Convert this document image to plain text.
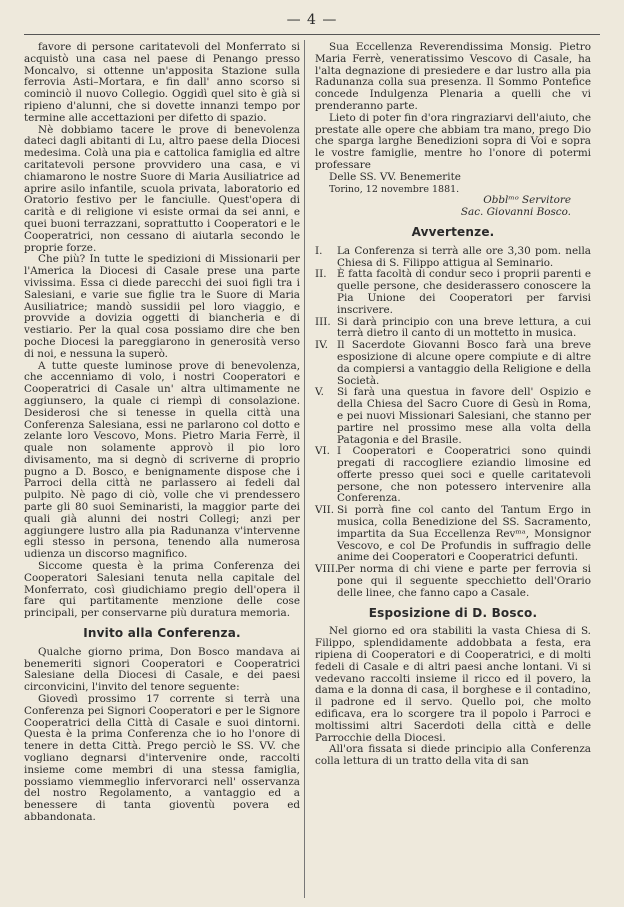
— 4 —

favore di persone caritatevoli del Monferrato si acquistò una casa nel paese di Penango presso Moncalvo, si ottenne un'apposita Stazione sulla ferrovia Asti–Mortara, e fin dall' anno scorso si cominciò il nuovo Collegio. Oggidì quel sito è già si ripieno d'alunni, che si dovette innanzi tempo por termine alle accettazioni per difetto di spazio.

Nè dobbiamo tacere le prove di benevolenza dateci dagli abitanti di Lu, altro paese della Diocesi medesima. Colà una pia e cattolica famiglia ed altre caritatevoli persone provvidero una casa, e vi chiamarono le nostre Suore di Maria Ausiliatrice ad aprire asilo infantile, scuola privata, laboratorio ed Oratorio festivo per le fanciulle. Quest'opera di carità e di religione vi esiste ormai da sei anni, e quei buoni terrazzani, soprattutto i Cooperatori e le Cooperatrici, non cessano di aiutarla secondo le proprie forze.

Che più? In tutte le spedizioni di Missionarii per l'America la Diocesi di Casale prese una parte vivissima. Essa ci diede parecchi dei suoi figli tra i Salesiani, e varie sue figlie tra le Suore di Maria Ausiliatrice; mandò sussidii pel loro viaggio, e provvide a dovizia oggetti di biancheria e di vestiario. Per la qual cosa possiamo dire che ben poche Diocesi la pareggiarono in generosità verso di noi, e nessuna la superò.

A tutte queste luminose prove di benevolenza, che accenniamo di volo, i nostri Cooperatori e Cooperatrici di Casale un' altra ultimamente ne aggiunsero, la quale ci riempì di consolazione. Desiderosi che si tenesse in quella città una Conferenza Salesiana, essi ne parlarono col dotto e zelante loro Vescovo, Mons. Pietro Maria Ferrè, il quale non solamente approvò il pio loro divisamento, ma si degnò di scriverne di proprio pugno a D. Bosco, e benignamente dispose che i Parroci della città ne parlassero ai fedeli dal pulpito. Nè pago di ciò, volle che vi prendessero parte gli 80 suoi Seminaristi, la maggior parte dei quali già alunni dei nostri Collegi; anzi per aggiungere lustro alla pia Radunanza v'intervenne egli stesso in persona, tenendo alla numerosa udienza un discorso magnifico.

Siccome questa è la prima Conferenza dei Cooperatori Salesiani tenuta nella capitale del Monferrato, così giudichiamo pregio dell'opera il fare qui partitamente menzione delle cose principali, per conservarne più duratura memoria.

Invito alla Conferenza.

Qualche giorno prima, Don Bosco mandava ai benemeriti signori Cooperatori e Cooperatrici Salesiane della Diocesi di Casale, e dei paesi circonvicini, l'invito del tenore seguente:

Giovedì prossimo 17 corrente si terrà una Conferenza pei Signori Cooperatori e per le Signore Cooperatrici della Città di Casale e suoi dintorni. Questa è la prima Conferenza che io ho l'onore di tenere in detta Città. Prego perciò le SS. VV. che vogliano degnarsi d'intervenire onde, raccolti insieme come membri di una stessa famiglia, possiamo viemmeglio infervorarci nell' osservanza del nostro Regolamento, a vantaggio ed a benessere di tanta gioventù povera ed abbandonata.

Sua Eccellenza Reverendissima Monsig. Pietro Maria Ferrè, veneratissimo Vescovo di Casale, ha l'alta degnazione di presiedere e dar lustro alla pia Radunanza colla sua presenza. Il Sommo Pontefice concede Indulgenza Plenaria a quelli che vi prenderanno parte.

Lieto di poter fin d'ora ringraziarvi dell'aiuto, che prestate alle opere che abbiam tra mano, prego Dio che sparga larghe Benedizioni sopra di Voi e sopra le vostre famiglie, mentre ho l'onore di potermi professare

Delle SS. VV. Benemerite

Torino, 12 novembre 1881.

Obblᵐᵒ Servitore

Sac. Giovanni Bosco.

Avvertenze.
I.	La Conferenza si terrà alle ore 3,30 pom. nella Chiesa di S. Filippo attigua al Seminario.
II.	È fatta facoltà di condur seco i proprii parenti e quelle persone, che desiderassero conoscere la Pia Unione dei Cooperatori per farvisi inscrivere.
III. Si darà principio con una breve lettura, a cui terrà dietro il canto di un mottetto in musica.
IV. Il Sacerdote Giovanni Bosco farà una breve esposizione di alcune opere compiute e di altre da compiersi a vantaggio della Religione e della Società.
V.	Si farà una questua in favore dell' Ospizio e della Chiesa del Sacro Cuore di Gesù in Roma, e pei nuovi Missionari Salesiani, che stanno per partire nel prossimo mese alla volta della Patagonia e del Brasile.
VI. I Cooperatori e Cooperatrici sono quindi pregati di raccogliere eziandio limosine ed offerte presso quei soci e quelle caritatevoli persone, che non potessero intervenire alla Conferenza.
VII. Si porrà fine col canto del Tantum Ergo in musica, colla Benedizione del SS. Sacramento, impartita da Sua Eccellenza Revᵐᵃ, Monsignor Vescovo, e col De Profundis in suffragio delle anime dei Cooperatori e Cooperatrici defunti.
VIII.
Per norma di chi viene e parte per ferrovia si pone qui il seguente specchietto dell'Orario delle linee, che fanno capo a Casale.
Esposizione di D. Bosco.

Nel giorno ed ora stabiliti la vasta Chiesa di S. Filippo, splendidamente addobbata a festa, era ripiena di Cooperatori e di Cooperatrici, e di molti fedeli di Casale e di altri paesi anche lontani. Vi si vedevano raccolti insieme il ricco ed il povero, la dama e la donna di casa, il borghese e il contadino, il padrone ed il servo. Quello poi, che molto edificava, era lo scorgere tra il popolo i Parroci e moltissimi altri Sacerdoti della città e delle Parrocchie della Diocesi.

All'ora fissata si diede principio alla Conferenza colla lettura di un tratto della vita di san
